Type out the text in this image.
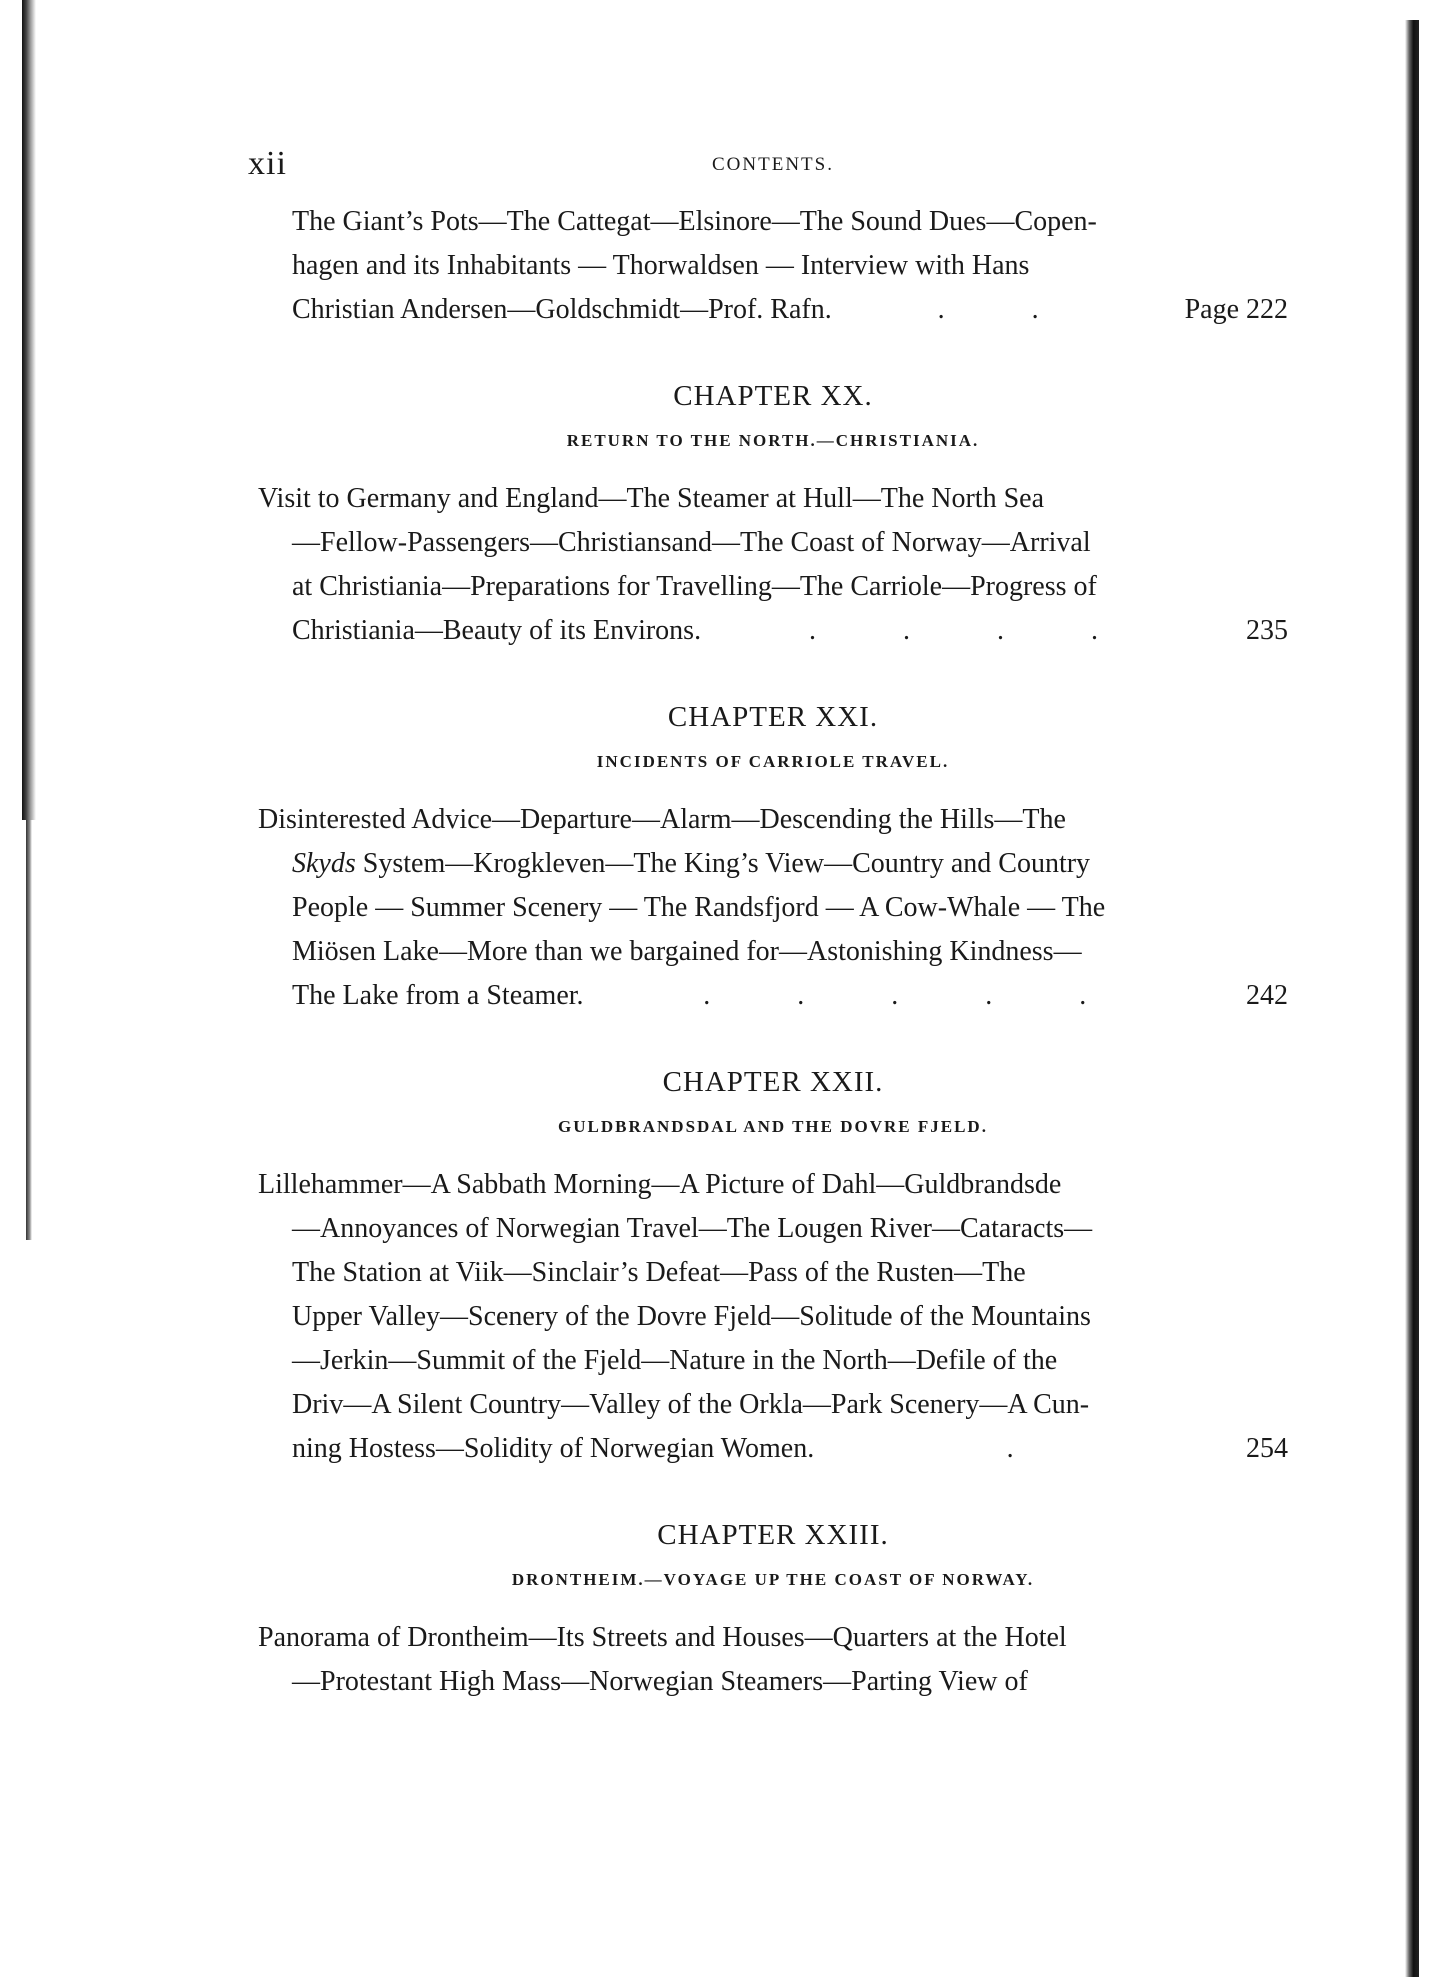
xii	CONTENTS.

The Giant’s Pots—The Cattegat—Elsinore—The Sound Dues—Copen-

hagen and its Inhabitants — Thorwaldsen — Interview with Hans

Christian Andersen—Goldschmidt—Prof. Rafn.	. .	Page 222
CHAPTER XX.
RETURN TO THE NORTH.—CHRISTIANIA.

Visit to Germany and England—The Steamer at Hull—The North Sea

—Fellow-Passengers—Christiansand—The Coast of Norway—Arrival

at Christiania—Preparations for Travelling—The Carriole—Progress of

Christiania—Beauty of its Environs.	. . . .	235
CHAPTER XXI.
INCIDENTS OF CARRIOLE TRAVEL.

Disinterested Advice—Departure—Alarm—Descending the Hills—The

Skyds System—Krogkleven—The King’s View—Country and Country

People — Summer Scenery — The Randsfjord — A Cow-Whale — The

Miösen Lake—More than we bargained for—Astonishing Kindness—

The Lake from a Steamer.	. . . . .	242
CHAPTER XXII.
GULDBRANDSDAL AND THE DOVRE FJELD.

Lillehammer—A Sabbath Morning—A Picture of Dahl—Guldbrandsde

—Annoyances of Norwegian Travel—The Lougen River—Cataracts—

The Station at Viik—Sinclair’s Defeat—Pass of the Rusten—The

Upper Valley—Scenery of the Dovre Fjeld—Solitude of the Mountains

—Jerkin—Summit of the Fjeld—Nature in the North—Defile of the

Driv—A Silent Country—Valley of the Orkla—Park Scenery—A Cun-

ning Hostess—Solidity of Norwegian Women.	.	254
CHAPTER XXIII.
DRONTHEIM.—VOYAGE UP THE COAST OF NORWAY.

Panorama of Drontheim—Its Streets and Houses—Quarters at the Hotel

—Protestant High Mass—Norwegian Steamers—Parting View of
